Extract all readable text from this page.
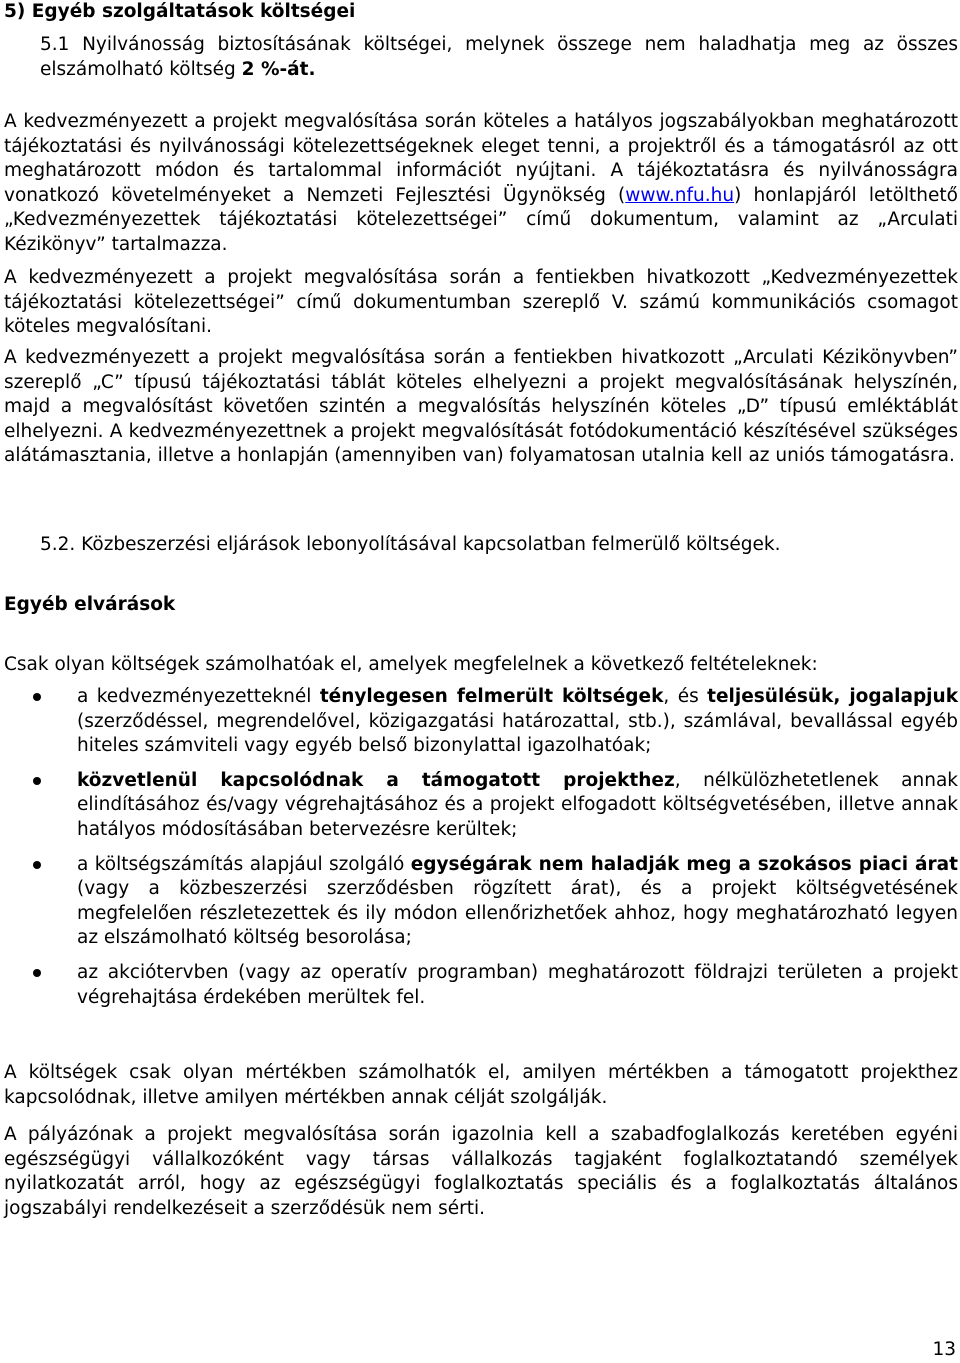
5) Egyéb szolgáltatások költségei

5.1 Nyilvánosság biztosításának költségei, melynek összege nem haladhatja meg az összes elszámolható költség 2 %-át.

A kedvezményezett a projekt megvalósítása során köteles a hatályos jogszabályokban meghatározott tájékoztatási és nyilvánossági kötelezettségeknek eleget tenni, a projektről és a támogatásról az ott meghatározott módon és tartalommal információt nyújtani. A tájékoztatásra és nyilvánosságra vonatkozó követelményeket a Nemzeti Fejlesztési Ügynökség (www.nfu.hu) honlapjáról letölthető „Kedvezményezettek tájékoztatási kötelezettségei” című dokumentum, valamint az „Arculati Kézikönyv” tartalmazza.

A kedvezményezett a projekt megvalósítása során a fentiekben hivatkozott „Kedvezményezettek tájékoztatási kötelezettségei” című dokumentumban szereplő V. számú kommunikációs csomagot köteles megvalósítani.

A kedvezményezett a projekt megvalósítása során a fentiekben hivatkozott „Arculati Kézikönyvben” szereplő „C” típusú tájékoztatási táblát köteles elhelyezni a projekt megvalósításának helyszínén, majd a megvalósítást követően szintén a megvalósítás helyszínén köteles „D” típusú emléktáblát elhelyezni. A kedvezményezettnek a projekt megvalósítását fotódokumentáció készítésével szükséges alátámasztania, illetve a honlapján (amennyiben van) folyamatosan utalnia kell az uniós támogatásra.

5.2. Közbeszerzési eljárások lebonyolításával kapcsolatban felmerülő költségek.

Egyéb elvárások

Csak olyan költségek számolhatóak el, amelyek megfelelnek a következő feltételeknek:

a kedvezményezetteknél ténylegesen felmerült költségek, és teljesülésük, jogalapjuk (szerződéssel, megrendelővel, közigazgatási határozattal, stb.), számlával, bevallással egyéb hiteles számviteli vagy egyéb belső bizonylattal igazolhatóak;
közvetlenül kapcsolódnak a támogatott projekthez, nélkülözhetetlenek annak elindításához és/vagy végrehajtásához és a projekt elfogadott költségvetésében, illetve annak hatályos módosításában betervezésre kerültek;
a költségszámítás alapjául szolgáló egységárak nem haladják meg a szokásos piaci árat (vagy a közbeszerzési szerződésben rögzített árat), és a projekt költségvetésének megfelelően részletezettek és ily módon ellenőrizhetőek ahhoz, hogy meghatározható legyen az elszámolható költség besorolása;
az akciótervben (vagy az operatív programban) meghatározott földrajzi területen a projekt végrehajtása érdekében merültek fel.

A költségek csak olyan mértékben számolhatók el, amilyen mértékben a támogatott projekthez kapcsolódnak, illetve amilyen mértékben annak célját szolgálják.

A pályázónak a projekt megvalósítása során igazolnia kell a szabadfoglalkozás keretében egyéni egészségügyi vállalkozóként vagy társas vállalkozás tagjaként foglalkoztatandó személyek nyilatkozatát arról, hogy az egészségügyi foglalkoztatás speciális és a foglalkoztatás általános jogszabályi rendelkezéseit a szerződésük nem sérti.

13
